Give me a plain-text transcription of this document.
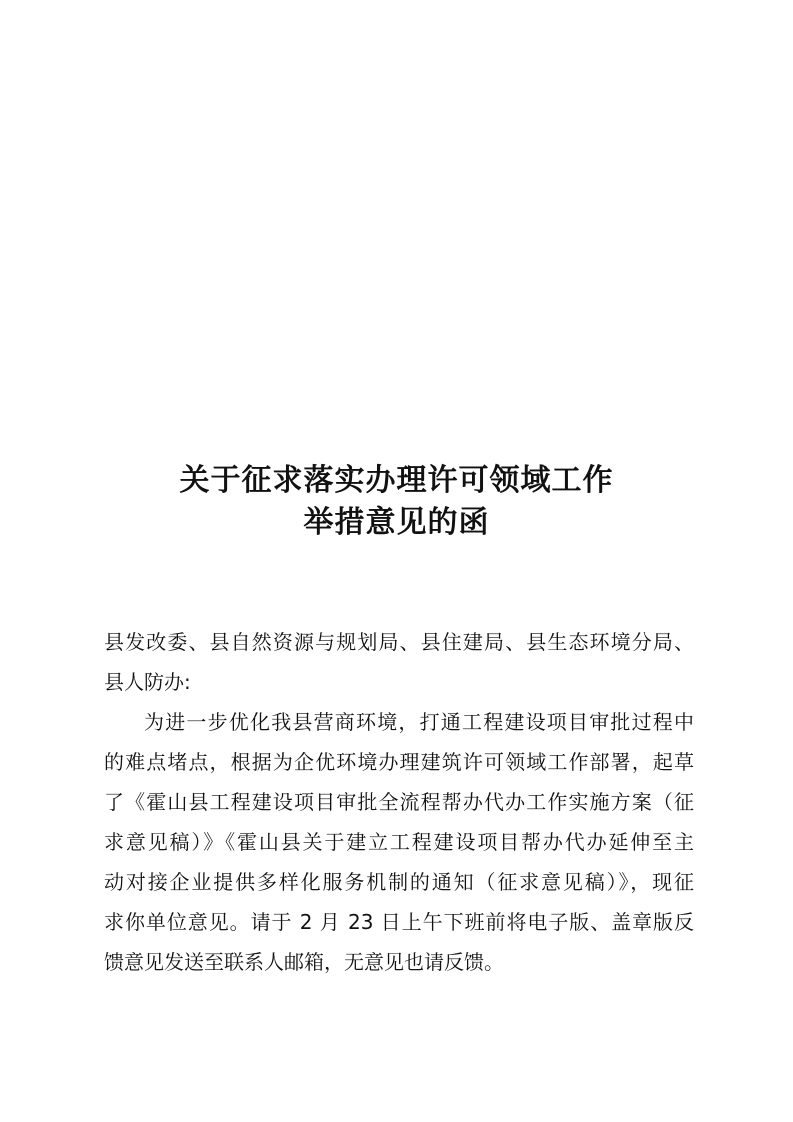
关于征求落实办理许可领域工作
举措意见的函
县发改委、县自然资源与规划局、县住建局、县生态环境分局、
县人防办:
为进一步优化我县营商环境，打通工程建设项目审批过程中
的难点堵点，根据为企优环境办理建筑许可领域工作部署，起草
了《霍山县工程建设项目审批全流程帮办代办工作实施方案（征
求意见稿）》《霍山县关于建立工程建设项目帮办代办延伸至主
动对接企业提供多样化服务机制的通知（征求意见稿）》，现征
求你单位意见。请于 2 月 23 日上午下班前将电子版、盖章版反
馈意见发送至联系人邮箱，无意见也请反馈。
